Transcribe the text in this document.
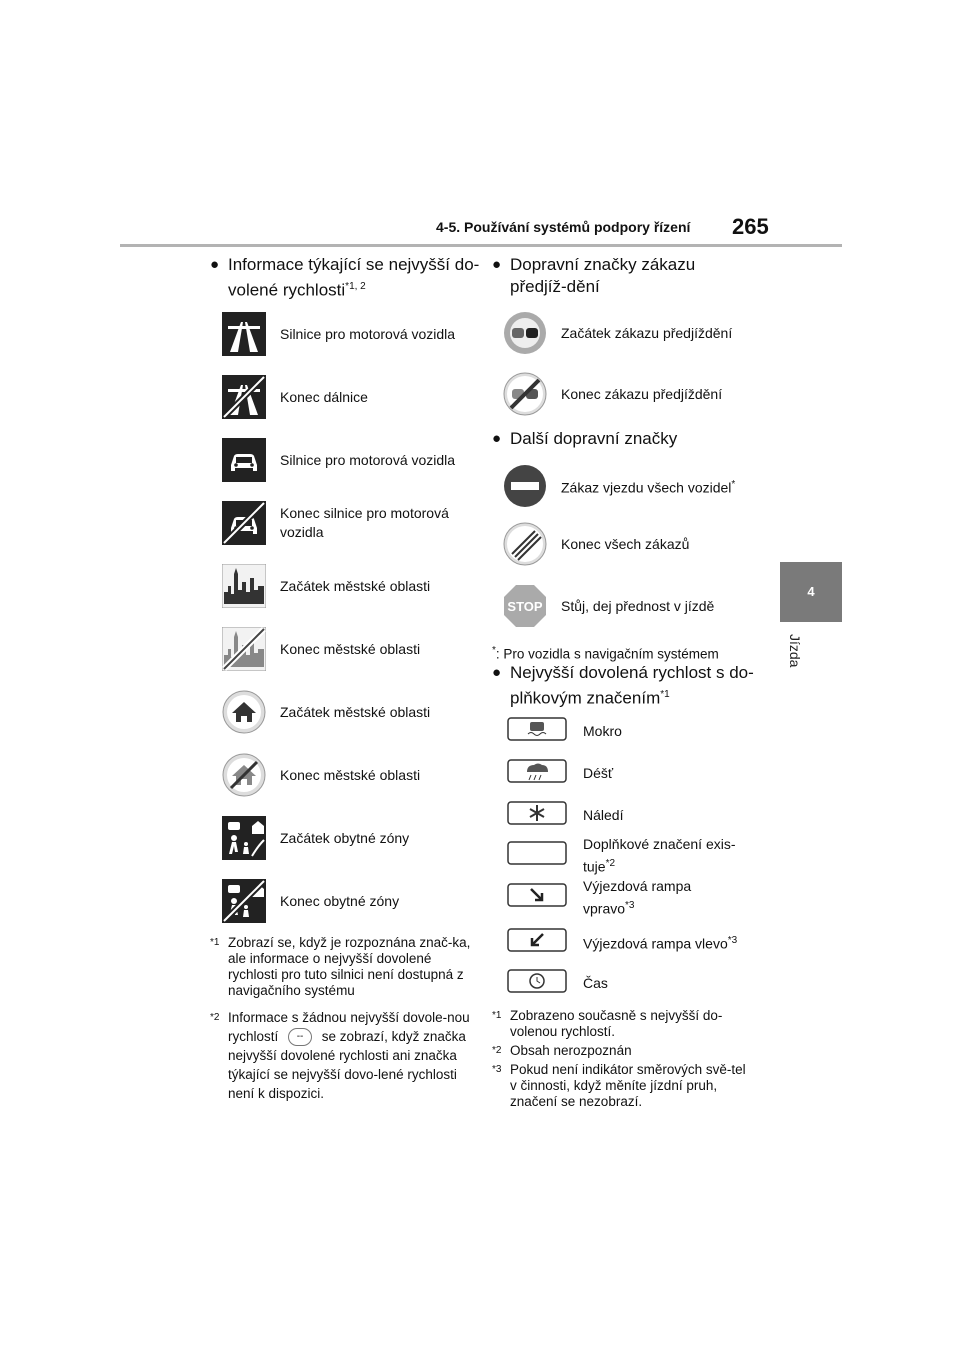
4-5. Používání systémů podpory řízení 265
4
Jízda
● Informace týkající se nejvyšší do-
volené rychlosti$^{*1, 2}$
Silnice pro motorová vozidla
Konec dálnice
Silnice pro motorová vozidla
Konec silnice pro motorová vozidla
Začátek městské oblasti
Konec městské oblasti
Začátek městské oblasti
Konec městské oblasti
Začátek obytné zóny
Konec obytné zóny
*1 Zobrazí se, když je rozpoznána znač-ka, ale informace o nejvyšší dovolené rychlosti pro tuto silnici není dostupná z navigačního systému
*2 Informace s žádnou nejvyšší dovole-nou rychlostí -- se zobrazí, když značka nejvyšší dovolené rychlosti ani značka týkající se nejvyšší dovo-lené rychlosti není k dispozici.
● Dopravní značky zákazu předjíž-dění
Začátek zákazu předjíždění
Konec zákazu předjíždění
● Další dopravní značky
Zákaz vjezdu všech vozidel*
Konec všech zákazů
STOP Stůj, dej přednost v jízdě
*: Pro vozidla s navigačním systémem
● Nejvyšší dovolená rychlost s do-plňkovým značením$^{*1}$
Mokro
Déšť
Náledí
Doplňkové značení exis-tuje$^{*2}$
Výjezdová rampa vpravo$^{*3}$
Výjezdová rampa vlevo$^{*3}$
Čas
*1 Zobrazeno současně s nejvyšší do-volenou rychlostí.
*2 Obsah nerozpoznán
*3 Pokud není indikátor směrových svě-tel v činnosti, když měníte jízdní pruh, značení se nezobrazí.
